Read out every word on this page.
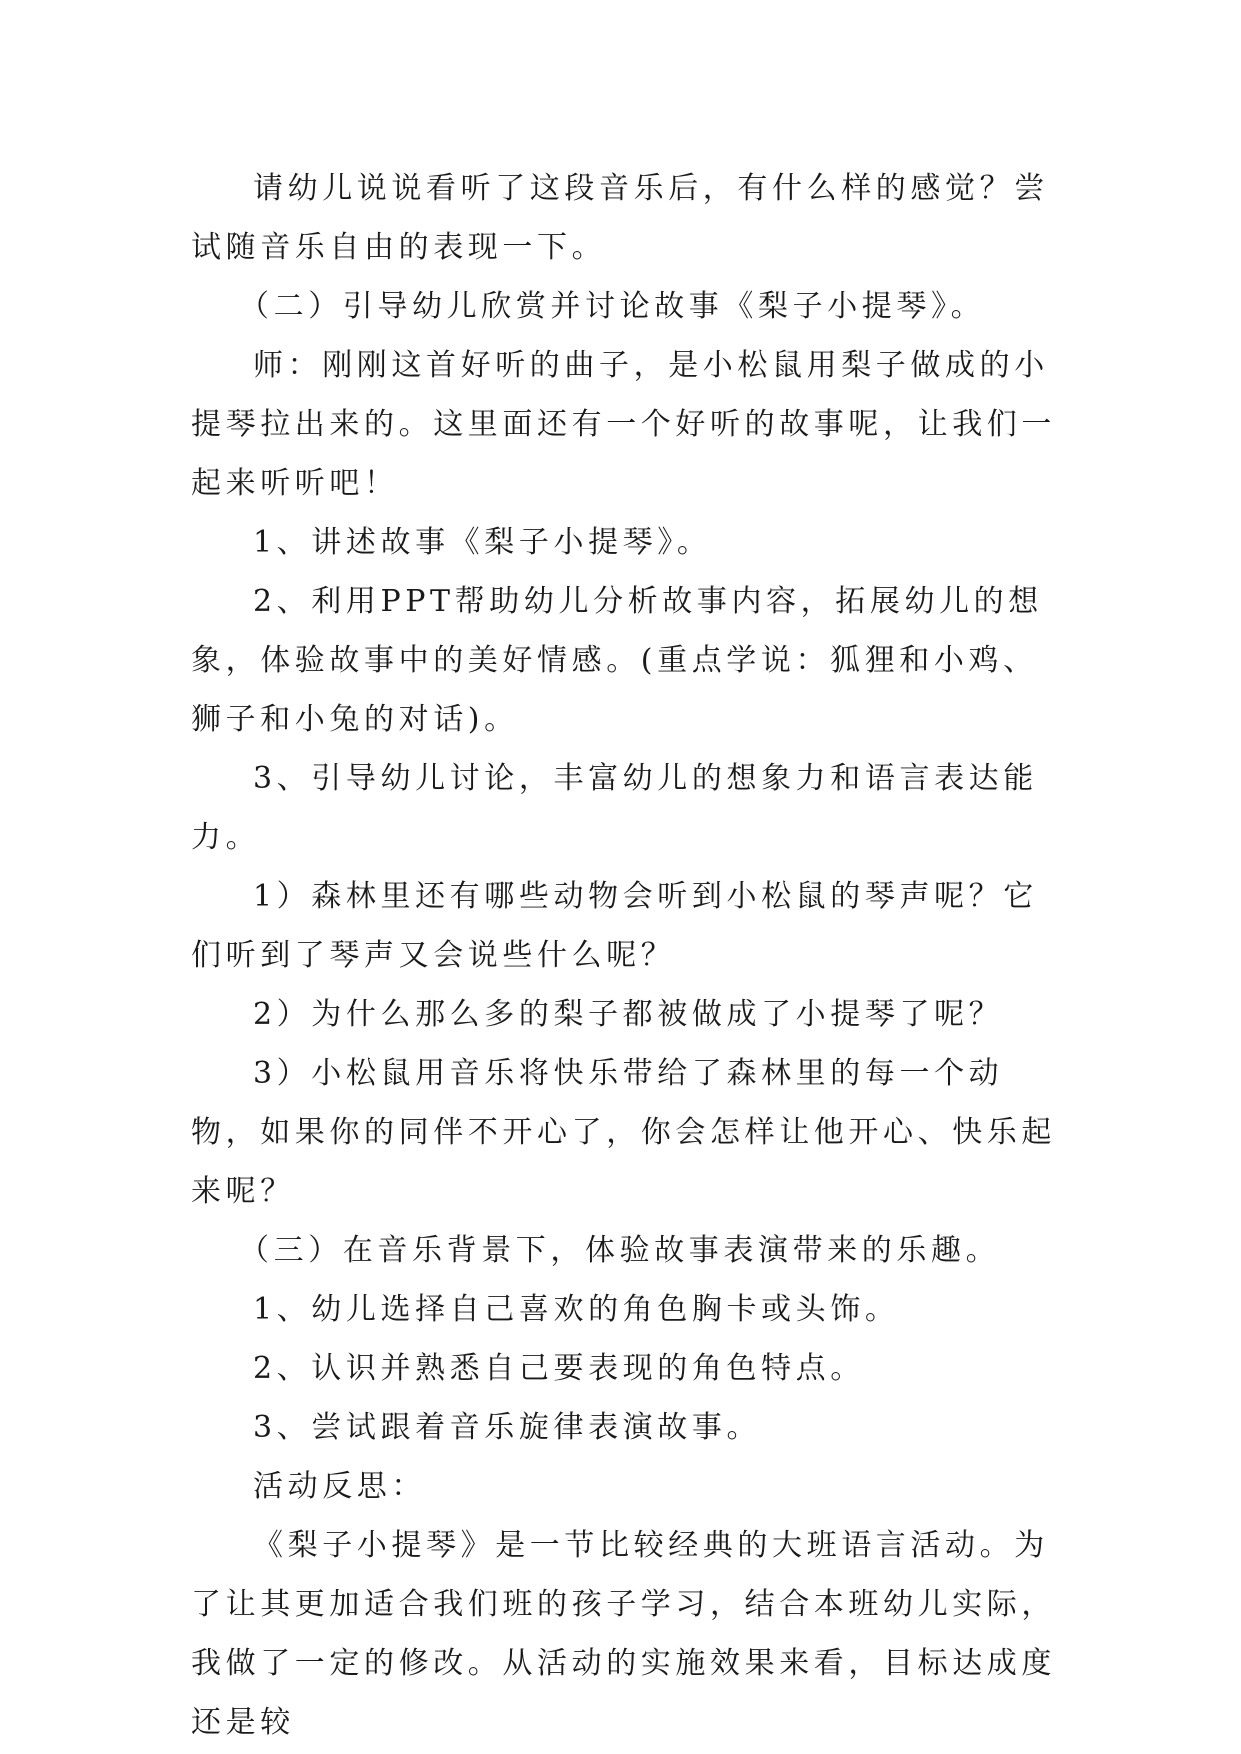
请幼儿说说看听了这段音乐后，有什么样的感觉？尝试随音乐自由的表现一下。

（二）引导幼儿欣赏并讨论故事《梨子小提琴》。

师：刚刚这首好听的曲子，是小松鼠用梨子做成的小提琴拉出来的。这里面还有一个好听的故事呢，让我们一起来听听吧！

1、讲述故事《梨子小提琴》。

2、利用PPT帮助幼儿分析故事内容，拓展幼儿的想象，体验故事中的美好情感。(重点学说：狐狸和小鸡、狮子和小兔的对话)。

3、引导幼儿讨论，丰富幼儿的想象力和语言表达能力。

1）森林里还有哪些动物会听到小松鼠的琴声呢？它们听到了琴声又会说些什么呢？

2）为什么那么多的梨子都被做成了小提琴了呢？

3）小松鼠用音乐将快乐带给了森林里的每一个动物，如果你的同伴不开心了，你会怎样让他开心、快乐起来呢？

（三）在音乐背景下，体验故事表演带来的乐趣。

1、幼儿选择自己喜欢的角色胸卡或头饰。

2、认识并熟悉自己要表现的角色特点。

3、尝试跟着音乐旋律表演故事。

活动反思：

《梨子小提琴》是一节比较经典的大班语言活动。为了让其更加适合我们班的孩子学习，结合本班幼儿实际，我做了一定的修改。从活动的实施效果来看，目标达成度还是较
